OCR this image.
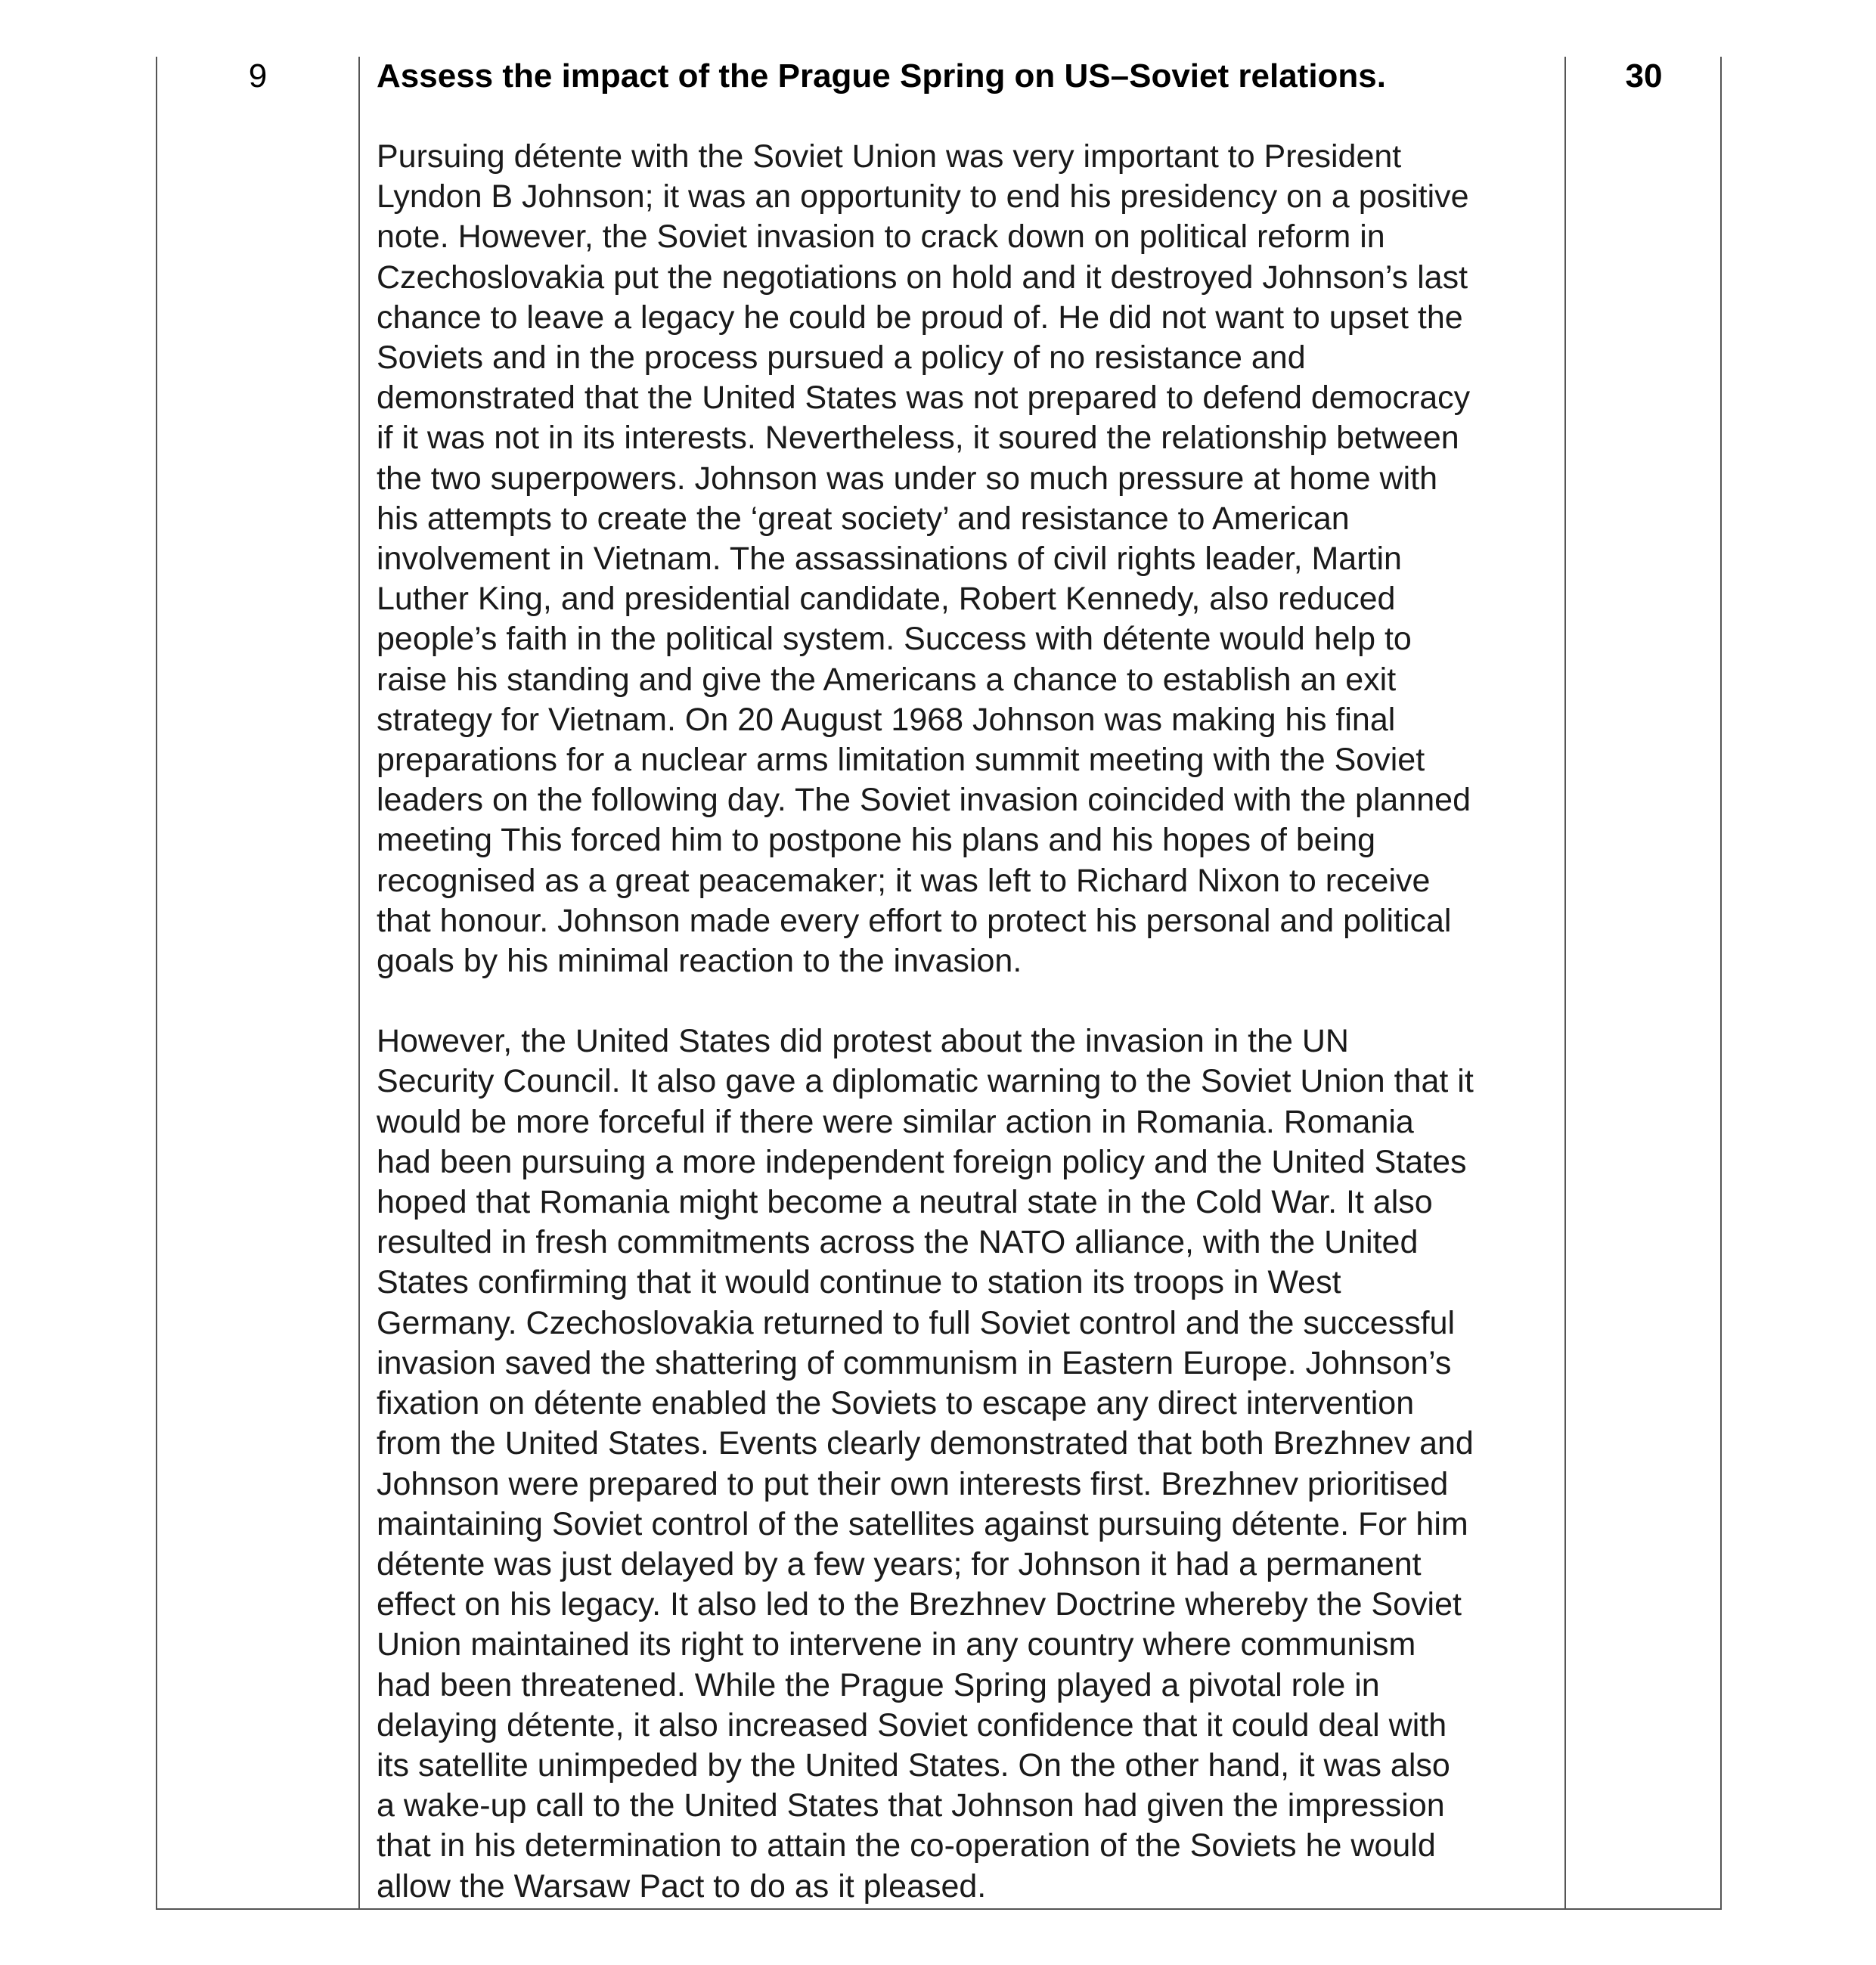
9	Assess the impact of the Prague Spring on US–Soviet relations.

Pursuing détente with the Soviet Union was very important to President
Lyndon B Johnson; it was an opportunity to end his presidency on a positive
note. However, the Soviet invasion to crack down on political reform in
Czechoslovakia put the negotiations on hold and it destroyed Johnson’s last
chance to leave a legacy he could be proud of. He did not want to upset the
Soviets and in the process pursued a policy of no resistance and
demonstrated that the United States was not prepared to defend democracy
if it was not in its interests. Nevertheless, it soured the relationship between
the two superpowers. Johnson was under so much pressure at home with
his attempts to create the ‘great society’ and resistance to American
involvement in Vietnam. The assassinations of civil rights leader, Martin
Luther King, and presidential candidate, Robert Kennedy, also reduced
people’s faith in the political system. Success with détente would help to
raise his standing and give the Americans a chance to establish an exit
strategy for Vietnam. On 20 August 1968 Johnson was making his final
preparations for a nuclear arms limitation summit meeting with the Soviet
leaders on the following day. The Soviet invasion coincided with the planned
meeting This forced him to postpone his plans and his hopes of being
recognised as a great peacemaker; it was left to Richard Nixon to receive
that honour. Johnson made every effort to protect his personal and political
goals by his minimal reaction to the invasion.

However, the United States did protest about the invasion in the UN
Security Council. It also gave a diplomatic warning to the Soviet Union that it
would be more forceful if there were similar action in Romania. Romania
had been pursuing a more independent foreign policy and the United States
hoped that Romania might become a neutral state in the Cold War. It also
resulted in fresh commitments across the NATO alliance, with the United
States confirming that it would continue to station its troops in West
Germany. Czechoslovakia returned to full Soviet control and the successful
invasion saved the shattering of communism in Eastern Europe. Johnson’s
fixation on détente enabled the Soviets to escape any direct intervention
from the United States. Events clearly demonstrated that both Brezhnev and
Johnson were prepared to put their own interests first. Brezhnev prioritised
maintaining Soviet control of the satellites against pursuing détente. For him
détente was just delayed by a few years; for Johnson it had a permanent
effect on his legacy. It also led to the Brezhnev Doctrine whereby the Soviet
Union maintained its right to intervene in any country where communism
had been threatened. While the Prague Spring played a pivotal role in
delaying détente, it also increased Soviet confidence that it could deal with
its satellite unimpeded by the United States. On the other hand, it was also
a wake-up call to the United States that Johnson had given the impression
that in his determination to attain the co-operation of the Soviets he would
allow the Warsaw Pact to do as it pleased.

30
